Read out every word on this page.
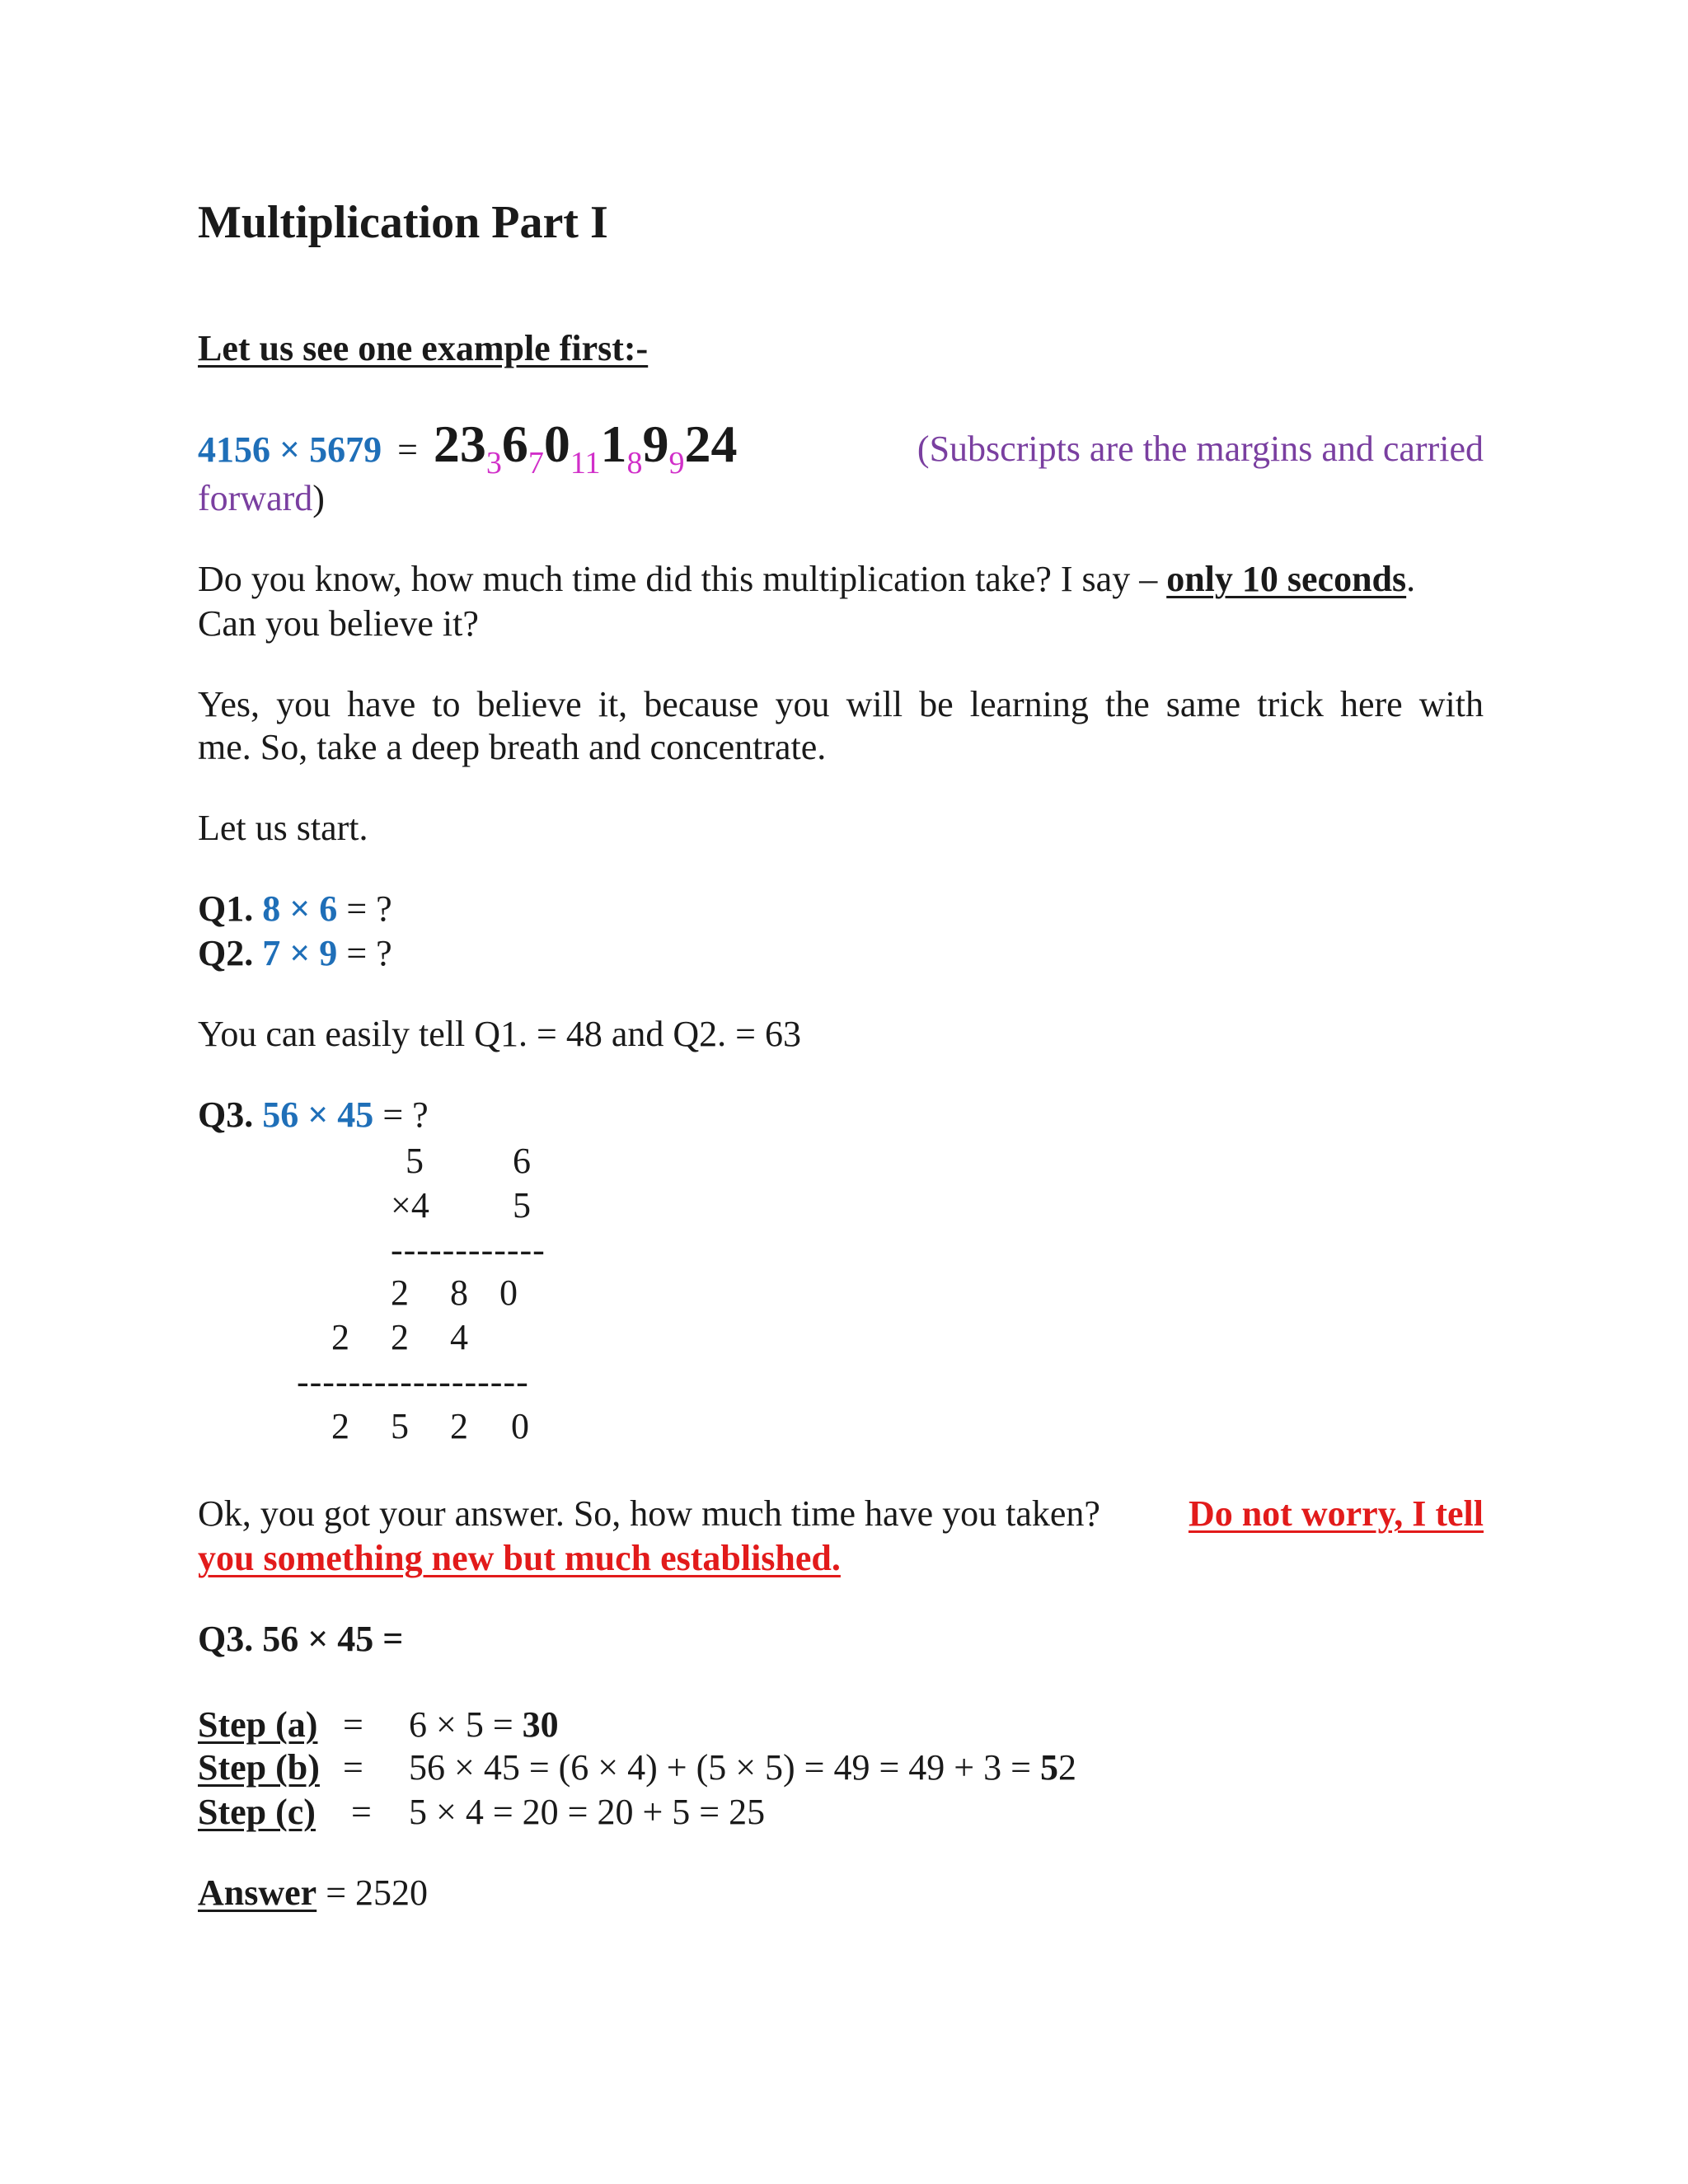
Multiplication Part I
Let us see one example first:-
4156 × 5679 = 23367011189924	(Subscripts are the margins and carried
forward)
Do you know, how much time did this multiplication take? I say – only 10 seconds.
Can you believe it?
Yes, you have to believe it, because you will be learning the same trick here with
me. So, take a deep breath and concentrate.
Let us start.
Q1. 8 × 6 = ?
Q2. 7 × 9 = ?
You can easily tell Q1. = 48 and Q2. = 63
Q3. 56 × 45 = ?
5 6
×4 5
------------
2 8 0
2 2 4
------------------
2 5 2 0
Ok, you got your answer. So, how much time have you taken? Do not worry, I tell
you something new but much established.
Q3. 56 × 45 =
Step (a) = 6 × 5 = 30
Step (b) = 56 × 45 = (6 × 4) + (5 × 5) = 49 = 49 + 3 = 52
Step (c) = 5 × 4 = 20 = 20 + 5 = 25
Answer = 2520
